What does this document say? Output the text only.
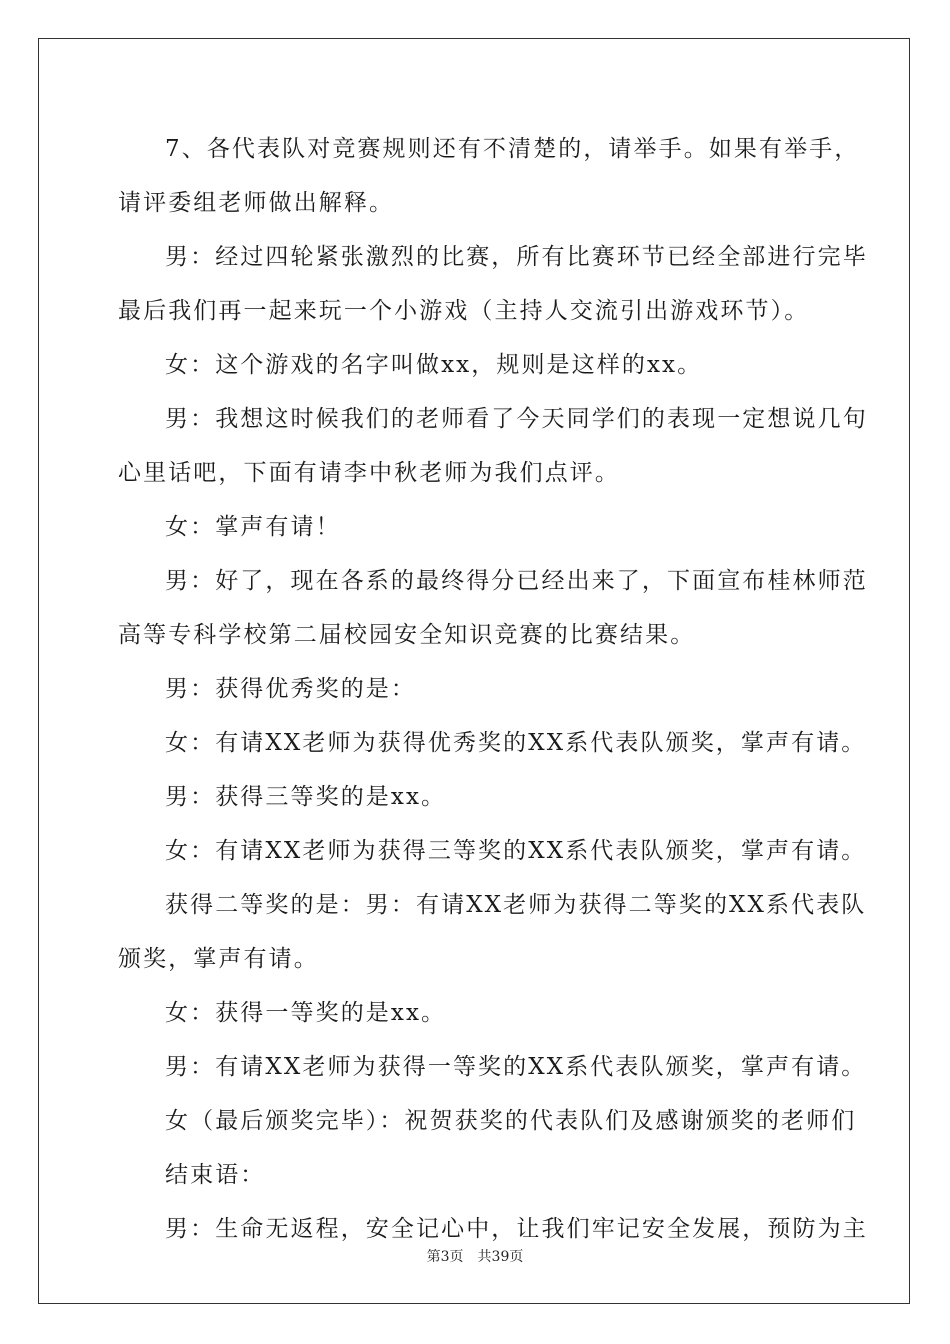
7、各代表队对竞赛规则还有不清楚的，请举手。如果有举手，
请评委组老师做出解释。
男：经过四轮紧张激烈的比赛，所有比赛环节已经全部进行完毕
最后我们再一起来玩一个小游戏（主持人交流引出游戏环节）。
女：这个游戏的名字叫做xx，规则是这样的xx。
男：我想这时候我们的老师看了今天同学们的表现一定想说几句
心里话吧，下面有请李中秋老师为我们点评。
女：掌声有请！
男：好了，现在各系的最终得分已经出来了，下面宣布桂林师范
高等专科学校第二届校园安全知识竞赛的比赛结果。
男：获得优秀奖的是：
女：有请XX老师为获得优秀奖的XX系代表队颁奖，掌声有请。
男：获得三等奖的是xx。
女：有请XX老师为获得三等奖的XX系代表队颁奖，掌声有请。
获得二等奖的是：男：有请XX老师为获得二等奖的XX系代表队
颁奖，掌声有请。
女：获得一等奖的是xx。
男：有请XX老师为获得一等奖的XX系代表队颁奖，掌声有请。
女（最后颁奖完毕）：祝贺获奖的代表队们及感谢颁奖的老师们
结束语：
男：生命无返程，安全记心中，让我们牢记安全发展，预防为主
第3页 共39页
